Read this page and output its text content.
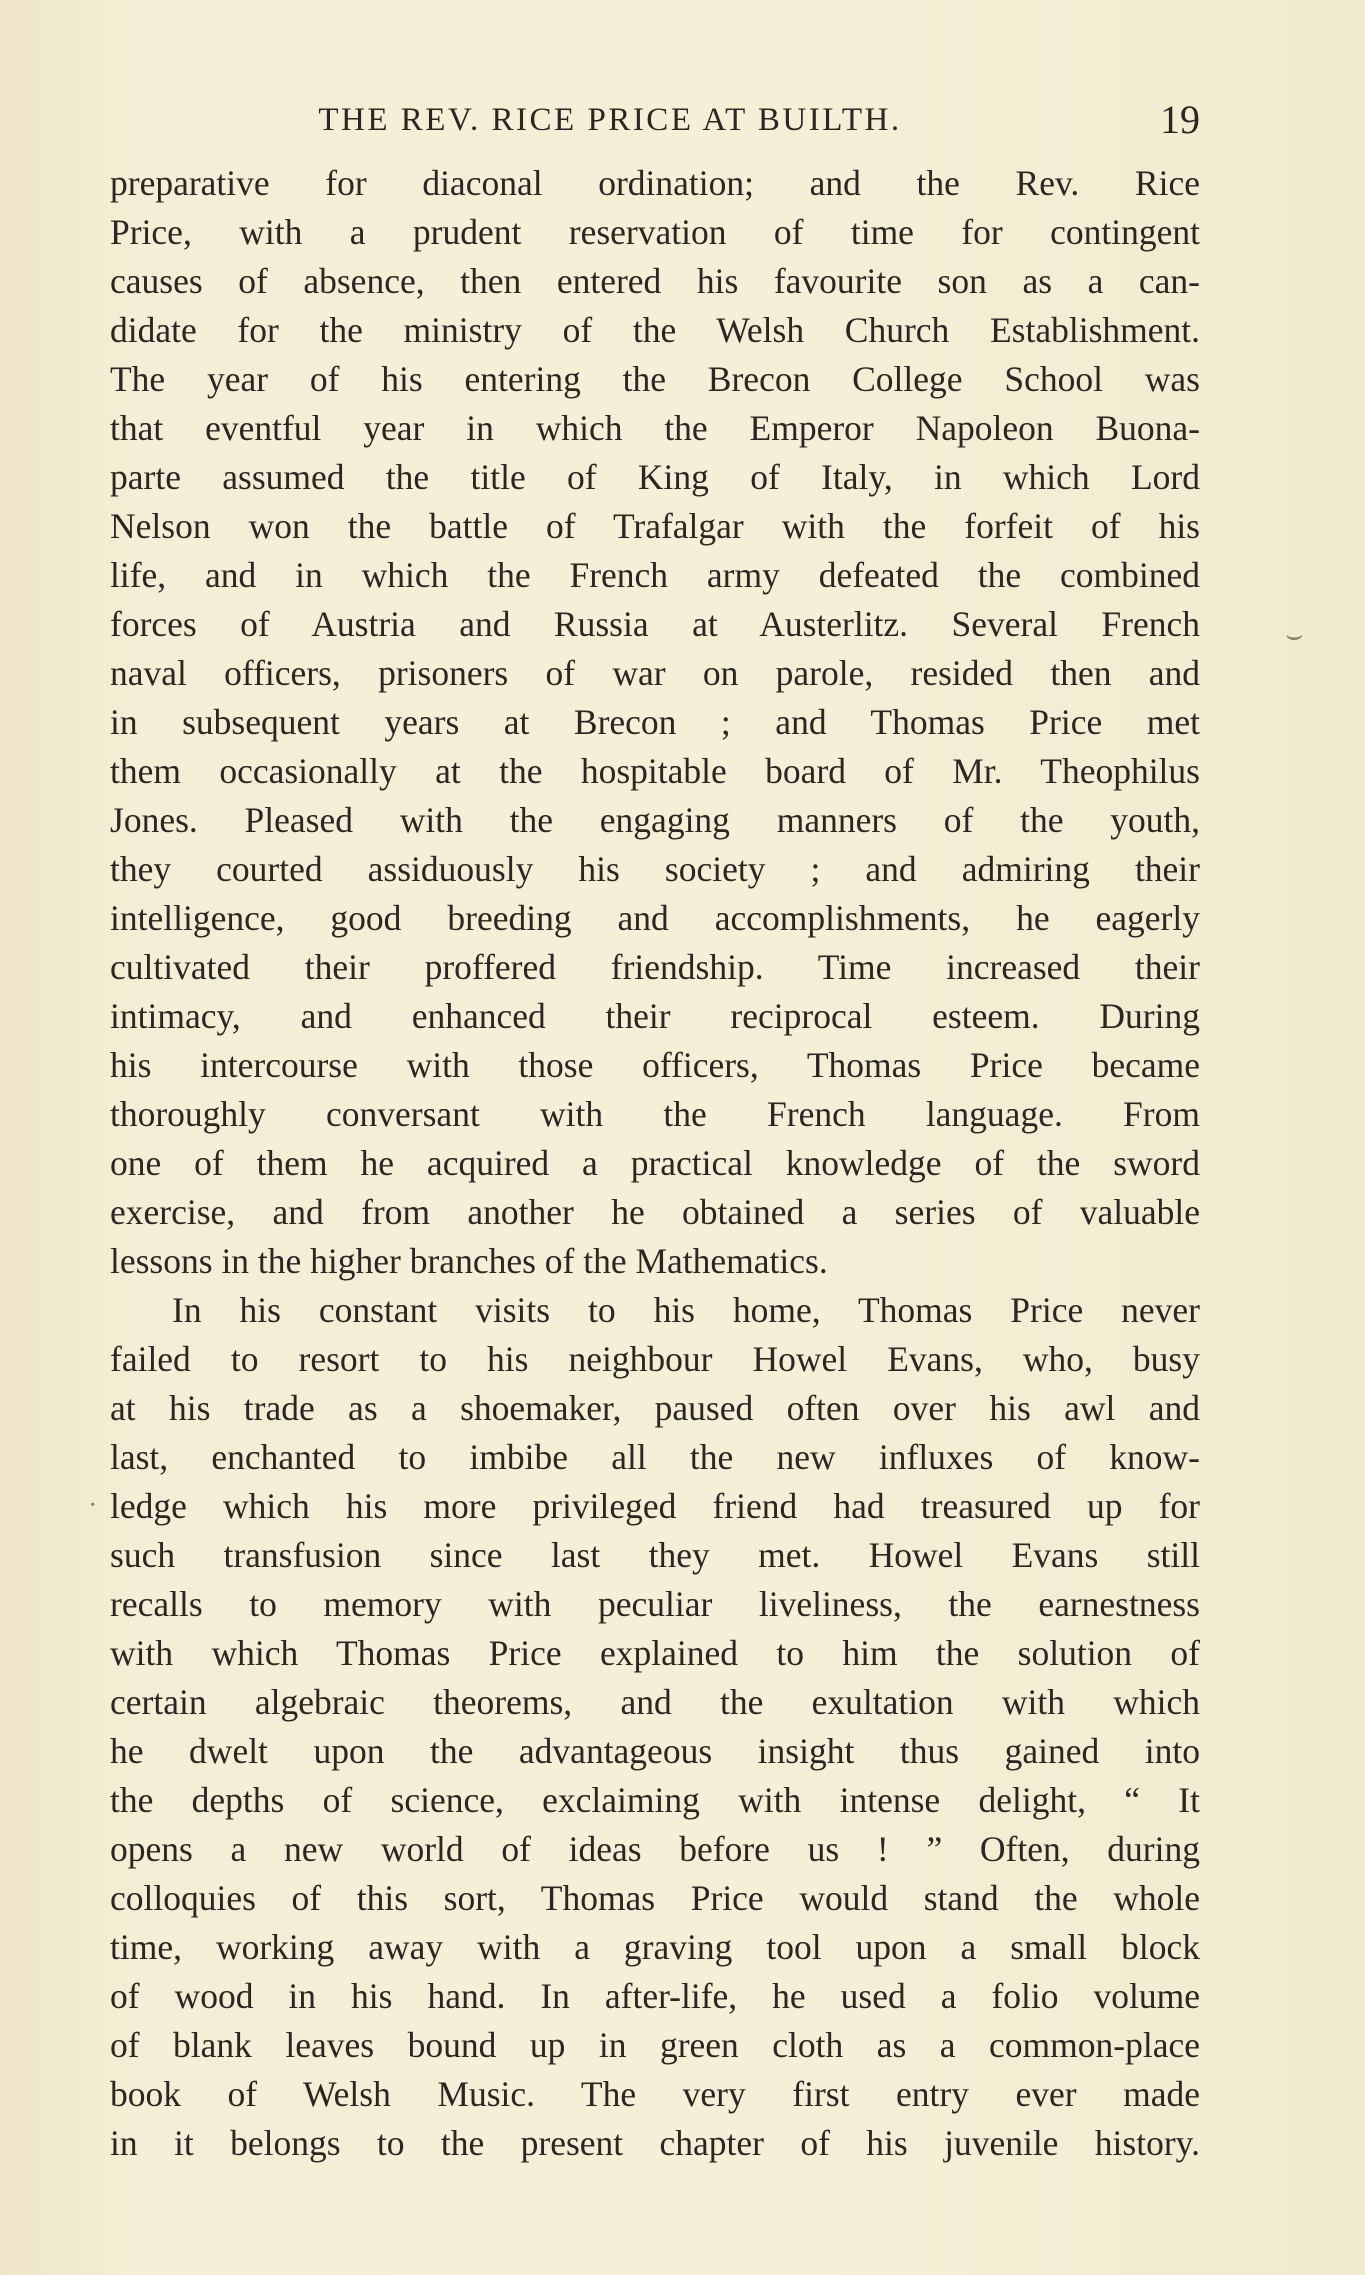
THE REV. RICE PRICE AT BUILTH.	19
preparative for diaconal ordination; and the Rev. Rice
Price, with a prudent reservation of time for contingent
causes of absence, then entered his favourite son as a can-
didate for the ministry of the Welsh Church Establishment.
The year of his entering the Brecon College School was
that eventful year in which the Emperor Napoleon Buona-
parte assumed the title of King of Italy, in which Lord
Nelson won the battle of Trafalgar with the forfeit of his
life, and in which the French army defeated the combined
forces of Austria and Russia at Austerlitz. Several French
naval officers, prisoners of war on parole, resided then and
in subsequent years at Brecon ; and Thomas Price met
them occasionally at the hospitable board of Mr. Theophilus
Jones. Pleased with the engaging manners of the youth,
they courted assiduously his society ; and admiring their
intelligence, good breeding and accomplishments, he eagerly
cultivated their proffered friendship. Time increased their
intimacy, and enhanced their reciprocal esteem. During
his intercourse with those officers, Thomas Price became
thoroughly conversant with the French language. From
one of them he acquired a practical knowledge of the sword
exercise, and from another he obtained a series of valuable
lessons in the higher branches of the Mathematics.
In his constant visits to his home, Thomas Price never
failed to resort to his neighbour Howel Evans, who, busy
at his trade as a shoemaker, paused often over his awl and
last, enchanted to imbibe all the new influxes of know-
ledge which his more privileged friend had treasured up for
such transfusion since last they met. Howel Evans still
recalls to memory with peculiar liveliness, the earnestness
with which Thomas Price explained to him the solution of
certain algebraic theorems, and the exultation with which
he dwelt upon the advantageous insight thus gained into
the depths of science, exclaiming with intense delight, “ It
opens a new world of ideas before us ! ” Often, during
colloquies of this sort, Thomas Price would stand the whole
time, working away with a graving tool upon a small block
of wood in his hand. In after-life, he used a folio volume
of blank leaves bound up in green cloth as a common-place
book of Welsh Music. The very first entry ever made
in it belongs to the present chapter of his juvenile history.
⌣
·
